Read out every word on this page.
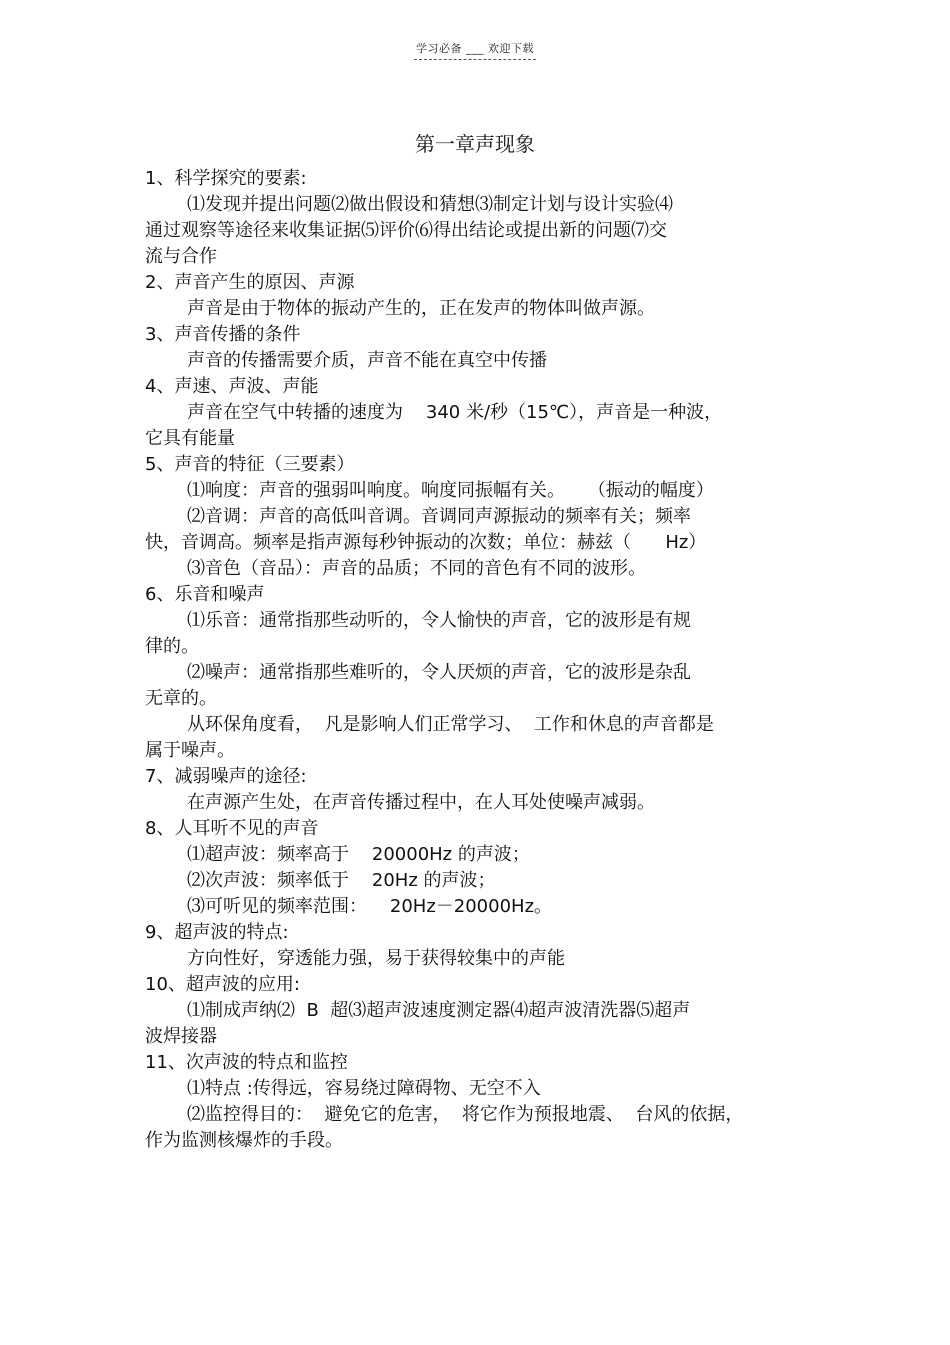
学习必备 ___ 欢迎下载
第一章声现象
1、科学探究的要素:
⑴发现并提出问题⑵做出假设和猜想⑶制定计划与设计实验⑷
通过观察等途径来收集证据⑸评价⑹得出结论或提出新的问题⑺交
流与合作
2、声音产生的原因、声源
声音是由于物体的振动产生的，正在发声的物体叫做声源。
3、声音传播的条件
声音的传播需要介质，声音不能在真空中传播
4、声速、声波、声能
声音在空气中转播的速度为    340 米/秒（15℃），声音是一种波，
它具有能量
5、声音的特征（三要素）
⑴响度：声音的强弱叫响度。响度同振幅有关。    （振动的幅度）
⑵音调：声音的高低叫音调。音调同声源振动的频率有关；频率
快，音调高。频率是指声源每秒钟振动的次数；单位：赫兹（      Hz）
⑶音色（音品）：声音的品质；不同的音色有不同的波形。
6、乐音和噪声
⑴乐音：通常指那些动听的，令人愉快的声音，它的波形是有规
律的。
⑵噪声：通常指那些难听的，令人厌烦的声音，它的波形是杂乱
无章的。
从环保角度看，  凡是影响人们正常学习、  工作和休息的声音都是
属于噪声。
7、减弱噪声的途径:
在声源产生处，在声音传播过程中，在人耳处使噪声减弱。
8、人耳听不见的声音
⑴超声波：频率高于    20000Hz 的声波；
⑵次声波：频率低于    20Hz 的声波；
⑶可听见的频率范围：    20Hz－20000Hz。
9、超声波的特点:
方向性好，穿透能力强，易于获得较集中的声能
10、超声波的应用:
⑴制成声纳⑵  B  超⑶超声波速度测定器⑷超声波清洗器⑸超声
波焊接器
11、次声波的特点和监控
⑴特点 :传得远，容易绕过障碍物、无空不入
⑵监控得目的：  避免它的危害，  将它作为预报地震、  台风的依据，
作为监测核爆炸的手段。
